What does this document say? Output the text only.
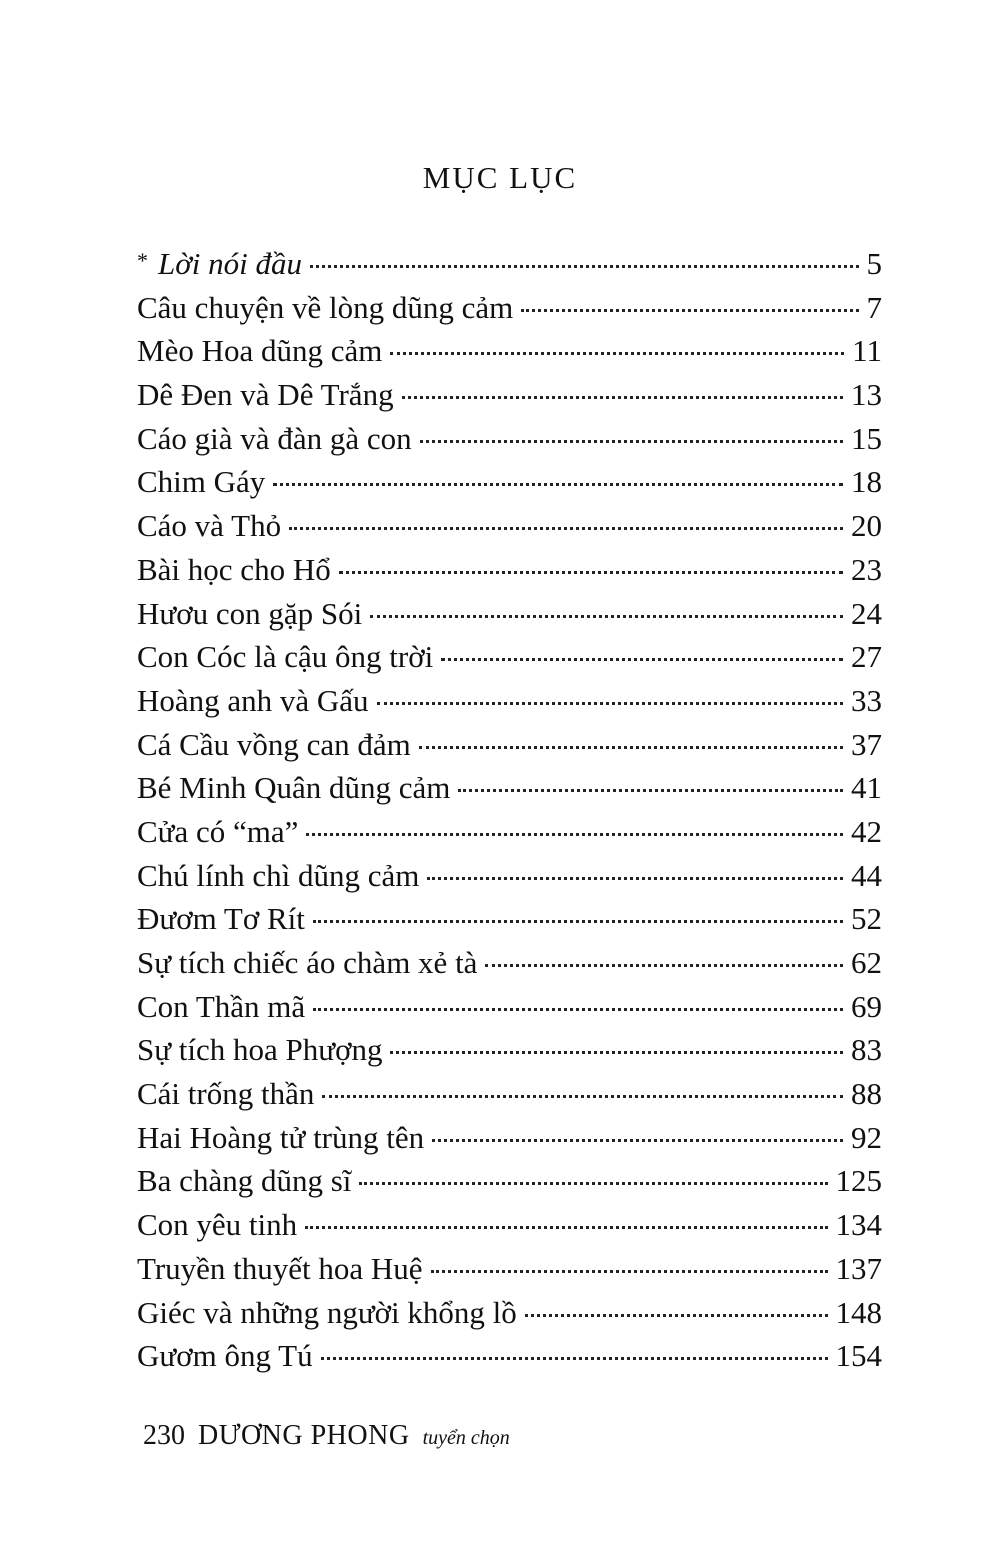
MỤC LỤC
* Lời nói đầu	5
Câu chuyện về lòng dũng cảm	7
Mèo Hoa dũng cảm	11
Dê Đen và Dê Trắng	13
Cáo già và đàn gà con	15
Chim Gáy	18
Cáo và Thỏ	20
Bài học cho Hổ	23
Hươu con gặp Sói	24
Con Cóc là cậu ông trời	27
Hoàng anh và Gấu	33
Cá Cầu vồng can đảm	37
Bé Minh Quân dũng cảm	41
Cửa có “ma”	42
Chú lính chì dũng cảm	44
Đươm Tơ Rít	52
Sự tích chiếc áo chàm xẻ tà	62
Con Thần mã	69
Sự tích hoa Phượng	83
Cái trống thần	88
Hai Hoàng tử trùng tên	92
Ba chàng dũng sĩ	125
Con yêu tinh	134
Truyền thuyết hoa Huệ	137
Giéc và những người khổng lồ	148
Gươm ông Tú	154
230 DƯƠNG PHONG tuyển chọn
